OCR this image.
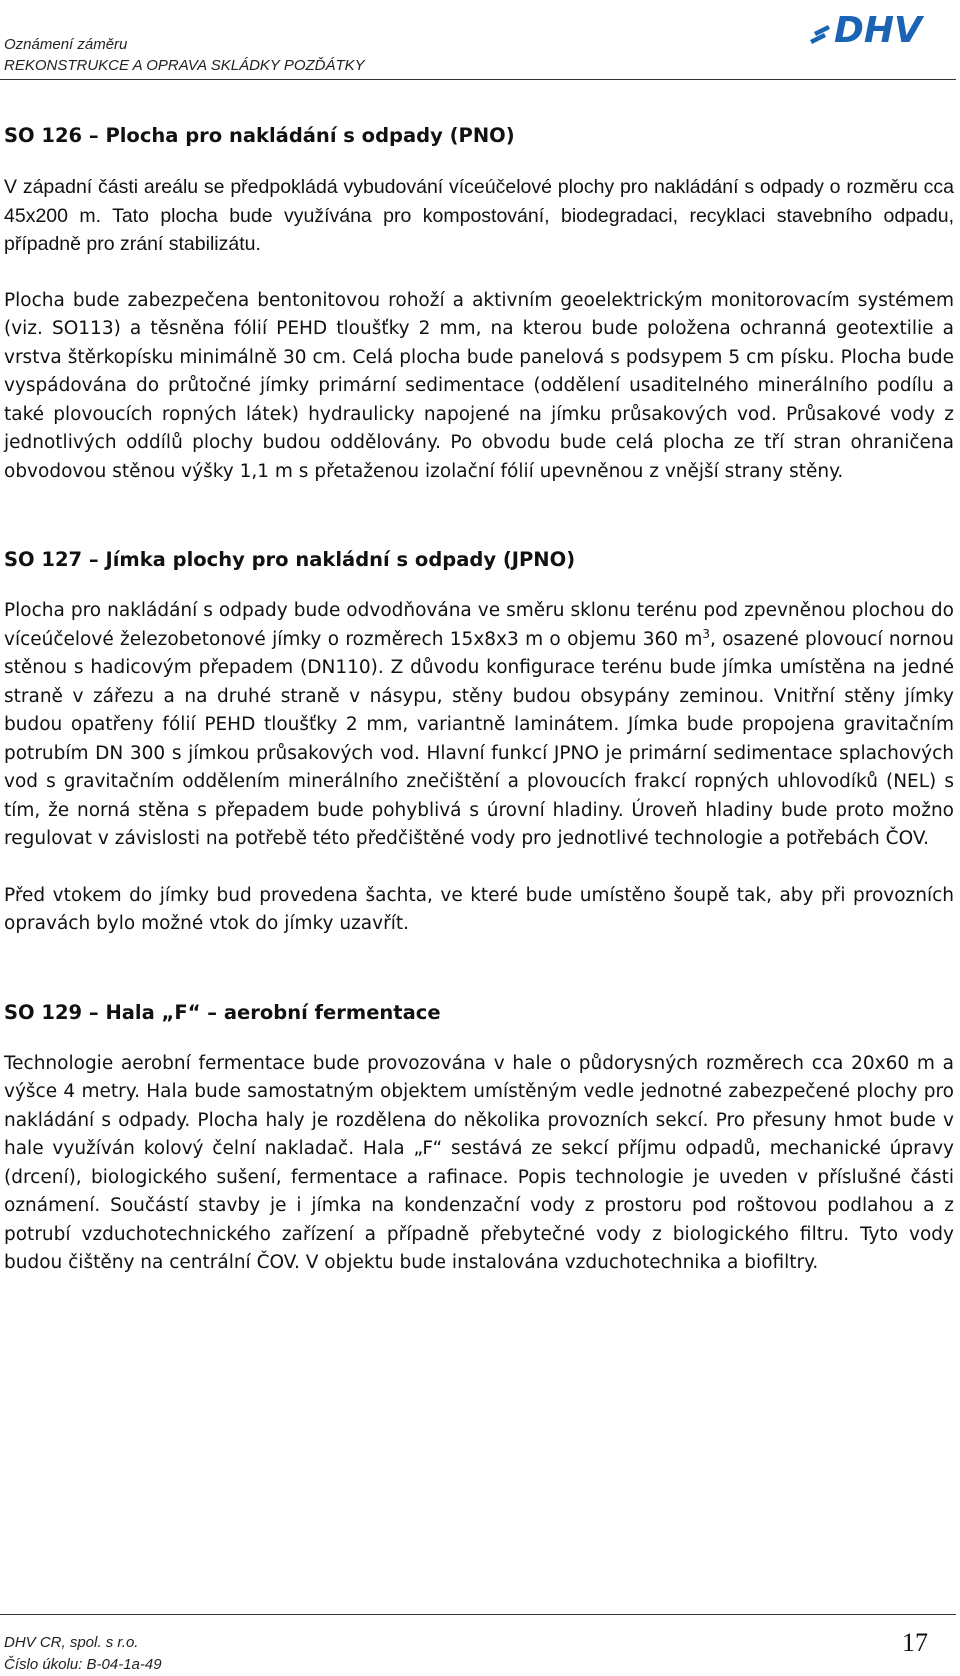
Oznámení záměru
REKONSTRUKCE A OPRAVA SKLÁDKY POZĎÁTKY
DHV
SO 126 – Plocha pro nakládání s odpady (PNO)

V západní části areálu se předpokládá vybudování víceúčelové plochy pro nakládání s odpady o rozměru cca 45x200 m. Tato plocha bude využívána pro kompostování, biodegradaci, recyklaci stavebního odpadu, případně pro zrání stabilizátu.

Plocha bude zabezpečena bentonitovou rohoží a aktivním geoelektrickým monitorovacím systémem (viz. SO113) a těsněna fólií PEHD tloušťky 2 mm, na kterou bude položena ochranná geotextilie a vrstva štěrkopísku minimálně 30 cm. Celá plocha bude panelová s podsypem 5 cm písku. Plocha bude vyspádována do průtočné jímky primární sedimentace (oddělení usaditelného minerálního podílu a také plovoucích ropných látek) hydraulicky napojené na jímku průsakových vod. Průsakové vody z jednotlivých oddílů plochy budou oddělovány. Po obvodu bude celá plocha ze tří stran ohraničena obvodovou stěnou výšky 1,1 m s přetaženou izolační fólií upevněnou z vnější strany stěny.

SO 127 – Jímka plochy pro nakládní s odpady (JPNO)

Plocha pro nakládání s odpady bude odvodňována ve směru sklonu terénu pod zpevněnou plochou do víceúčelové železobetonové jímky o rozměrech 15x8x3 m o objemu 360 $m^3$, osazené plovoucí nornou stěnou s hadicovým přepadem (DN110). Z důvodu konfigurace terénu bude jímka umístěna na jedné straně v zářezu a na druhé straně v násypu, stěny budou obsypány zeminou. Vnitřní stěny jímky budou opatřeny fólií PEHD tloušťky 2 mm, variantně laminátem. Jímka bude propojena gravitačním potrubím DN 300 s jímkou průsakových vod. Hlavní funkcí JPNO je primární sedimentace splachových vod s gravitačním oddělením minerálního znečištění a plovoucích frakcí ropných uhlovodíků (NEL) s tím, že norná stěna s přepadem bude pohyblivá s úrovní hladiny. Úroveň hladiny bude proto možno regulovat v závislosti na potřebě této předčištěné vody pro jednotlivé technologie a potřebách ČOV.

Před vtokem do jímky bud provedena šachta, ve které bude umístěno šoupě tak, aby při provozních opravách bylo možné vtok do jímky uzavřít.

SO 129 – Hala „F“ – aerobní fermentace

Technologie aerobní fermentace bude provozována v hale o půdorysných rozměrech cca 20x60 m a výšce 4 metry. Hala bude samostatným objektem umístěným vedle jednotné zabezpečené plochy pro nakládání s odpady. Plocha haly je rozdělena do několika provozních sekcí. Pro přesuny hmot bude v hale využíván kolový čelní nakladač. Hala „F“ sestává ze sekcí příjmu odpadů, mechanické úpravy (drcení), biologického sušení, fermentace a rafinace. Popis technologie je uveden v příslušné části oznámení. Součástí stavby je i jímka na kondenzační vody z prostoru pod roštovou podlahou a z potrubí vzduchotechnického zařízení a případně přebytečné vody z biologického filtru. Tyto vody budou čištěny na centrální ČOV. V objektu bude instalována vzduchotechnika a biofiltry.

DHV CR, spol. s r.o.
Číslo úkolu: B-04-1a-49
17
